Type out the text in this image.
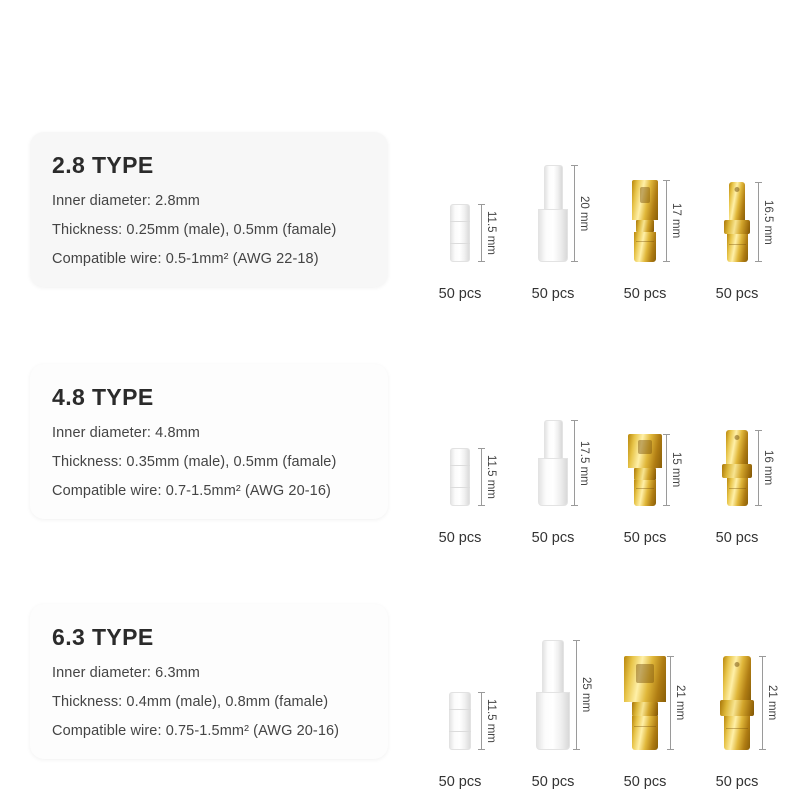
2.8 TYPE
Inner diameter: 2.8mm
Thickness: 0.25mm (male), 0.5mm (famale)
Compatible wire: 0.5-1mm² (AWG 22-18)
11.5 mm
50 pcs
20 mm
50 pcs
17 mm
50 pcs
16.5 mm
50 pcs
4.8 TYPE
Inner diameter: 4.8mm
Thickness: 0.35mm (male), 0.5mm (famale)
Compatible wire: 0.7-1.5mm² (AWG 20-16)	11.5 mm
50 pcs
17.5 mm
50 pcs
15 mm
50 pcs
16 mm
50 pcs
6.3 TYPE
Inner diameter: 6.3mm
Thickness: 0.4mm (male), 0.8mm (famale)
Compatible wire: 0.75-1.5mm² (AWG 20-16)	11.5 mm
50 pcs
25 mm
50 pcs
21 mm
50 pcs
21 mm
50 pcs
